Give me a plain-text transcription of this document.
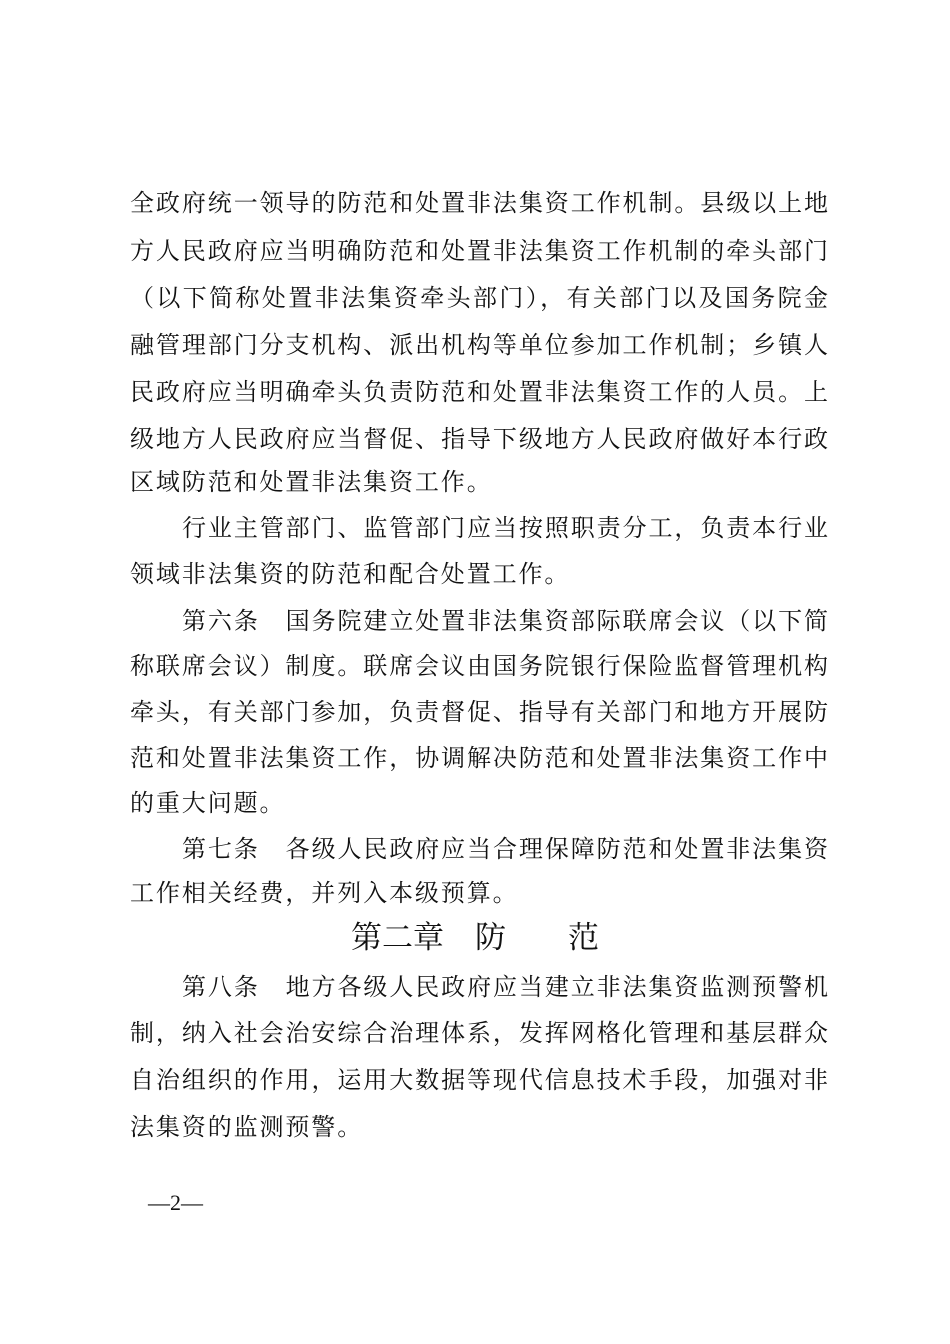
全政府统一领导的防范和处置非法集资工作机制。县级以上地
方人民政府应当明确防范和处置非法集资工作机制的牵头部门
（以下简称处置非法集资牵头部门），有关部门以及国务院金
融管理部门分支机构、派出机构等单位参加工作机制；乡镇人
民政府应当明确牵头负责防范和处置非法集资工作的人员。上
级地方人民政府应当督促、指导下级地方人民政府做好本行政
区域防范和处置非法集资工作。
行业主管部门、监管部门应当按照职责分工，负责本行业
领域非法集资的防范和配合处置工作。
第六条　国务院建立处置非法集资部际联席会议（以下简
称联席会议）制度。联席会议由国务院银行保险监督管理机构
牵头，有关部门参加，负责督促、指导有关部门和地方开展防
范和处置非法集资工作，协调解决防范和处置非法集资工作中
的重大问题。
第七条　各级人民政府应当合理保障防范和处置非法集资
工作相关经费，并列入本级预算。
第八条　地方各级人民政府应当建立非法集资监测预警机
制，纳入社会治安综合治理体系，发挥网格化管理和基层群众
自治组织的作用，运用大数据等现代信息技术手段，加强对非
法集资的监测预警。
第二章　防　　范
—2—
